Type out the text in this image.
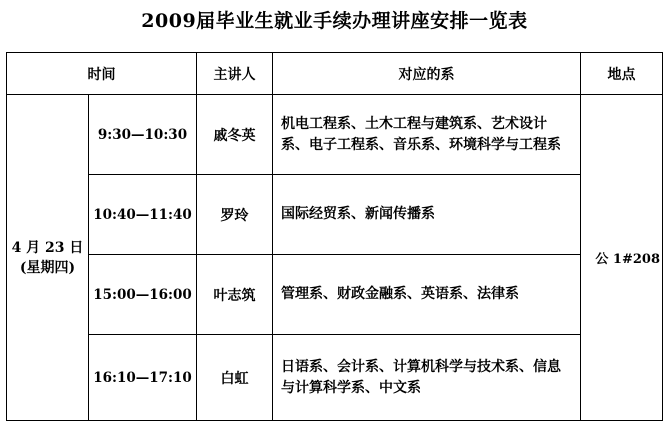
2009届毕业生就业手续办理讲座安排一览表
时间		主讲人	对应的系	地点

4 月 23 日
(星期四)	9:30—10:30	戚冬英	机电工程系、土木工程与建筑系、艺术设计系、电子工程系、音乐系、环境科学与工程系	公 1#208
	10:40—11:40	罗玲	国际经贸系、新闻传播系	
	15:00—16:00	叶志筑	管理系、财政金融系、英语系、法律系	
	16:10—17:10	白虹	日语系、会计系、计算机科学与技术系、信息与计算科学系、中文系	
